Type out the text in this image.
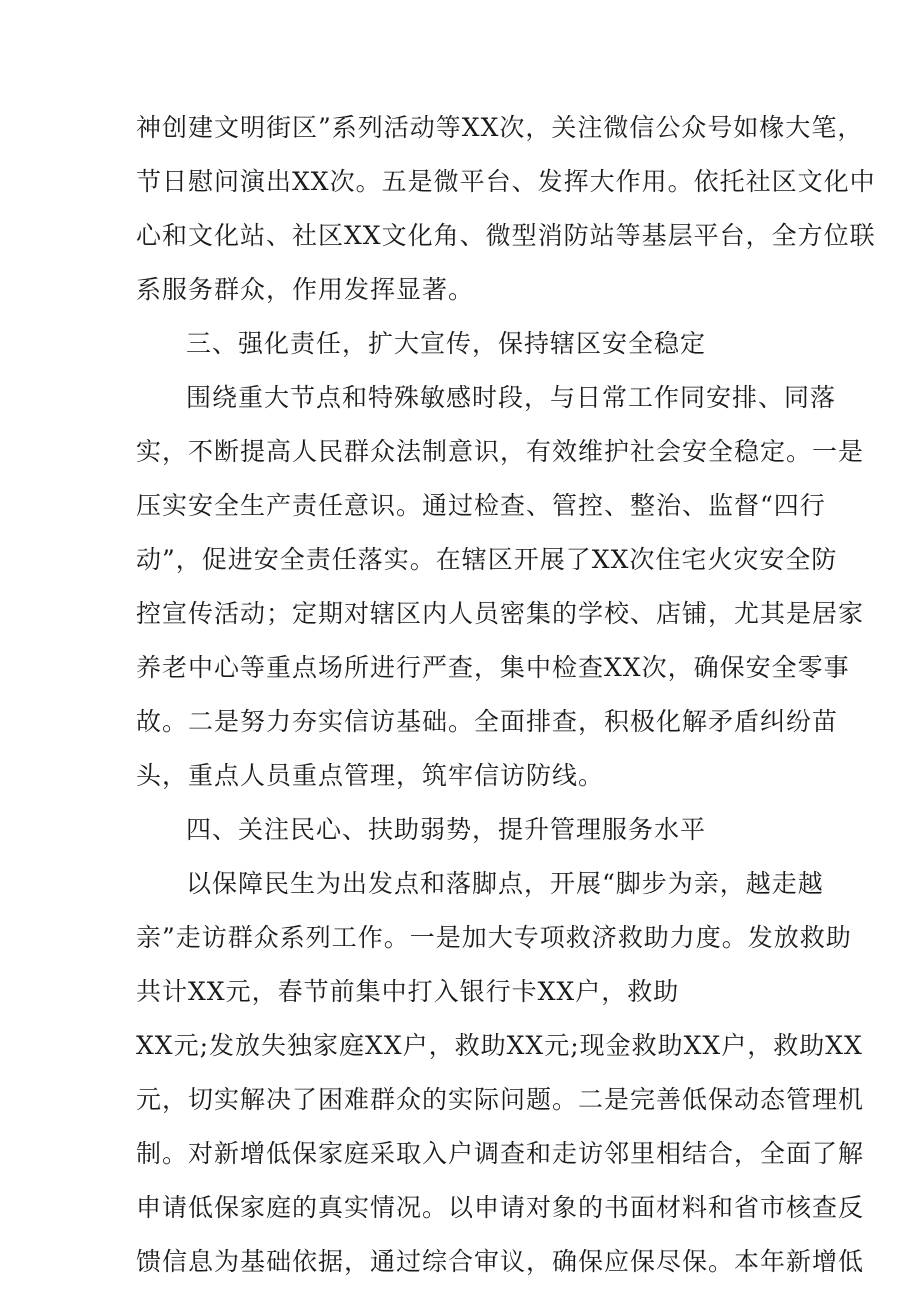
神创建文明街区”系列活动等XX次，关注微信公众号如椽大笔，
节日慰问演出XX次。五是微平台、发挥大作用。依托社区文化中
心和文化站、社区XX文化角、微型消防站等基层平台，全方位联
系服务群众，作用发挥显著。
三、强化责任，扩大宣传，保持辖区安全稳定
围绕重大节点和特殊敏感时段，与日常工作同安排、同落
实，不断提高人民群众法制意识，有效维护社会安全稳定。一是
压实安全生产责任意识。通过检查、管控、整治、监督“四行
动”，促进安全责任落实。在辖区开展了XX次住宅火灾安全防
控宣传活动；定期对辖区内人员密集的学校、店铺，尤其是居家
养老中心等重点场所进行严查，集中检查XX次，确保安全零事
故。二是努力夯实信访基础。全面排查，积极化解矛盾纠纷苗
头，重点人员重点管理，筑牢信访防线。
四、关注民心、扶助弱势，提升管理服务水平
以保障民生为出发点和落脚点，开展“脚步为亲，越走越
亲”走访群众系列工作。一是加大专项救济救助力度。发放救助
共计XX元，春节前集中打入银行卡XX户，救助
XX元;发放失独家庭XX户，救助XX元;现金救助XX户，救助XX
元，切实解决了困难群众的实际问题。二是完善低保动态管理机
制。对新增低保家庭采取入户调查和走访邻里相结合，全面了解
申请低保家庭的真实情况。以申请对象的书面材料和省市核查反
馈信息为基础依据，通过综合审议，确保应保尽保。本年新增低
